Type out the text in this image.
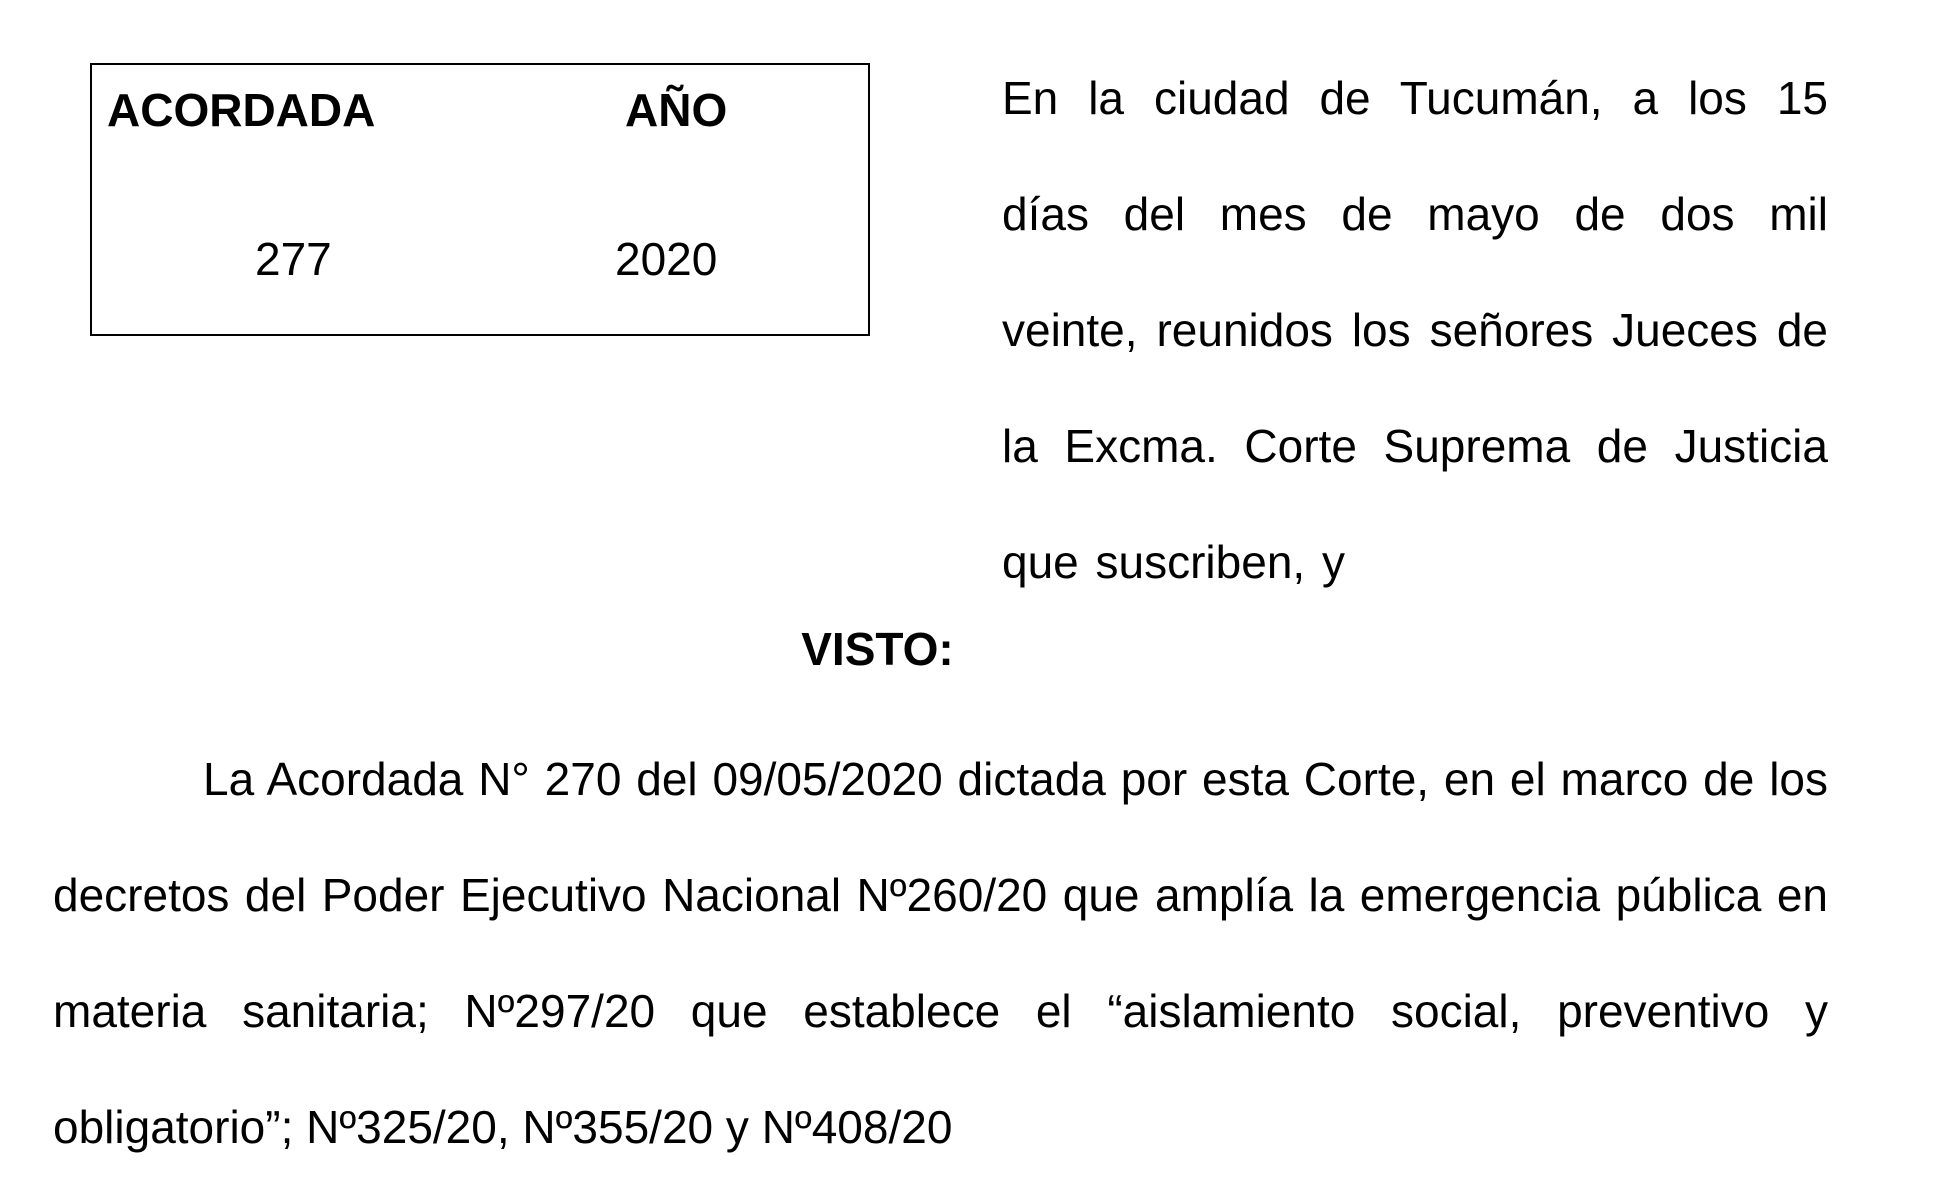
ACORDADA	AÑO
277	2020

En la ciudad de Tucumán, a los 15 días del mes de mayo de dos mil veinte, reunidos los señores Jueces de la Excma. Corte Suprema de Justicia que suscriben, y

VISTO:

La Acordada N° 270 del 09/05/2020 dictada por esta Corte, en el marco de los decretos del Poder Ejecutivo Nacional Nº260/20 que amplía la emergencia pública en materia sanitaria; Nº297/20 que establece el “aislamiento social, preventivo y obligatorio”; Nº325/20, Nº355/20 y Nº408/20
